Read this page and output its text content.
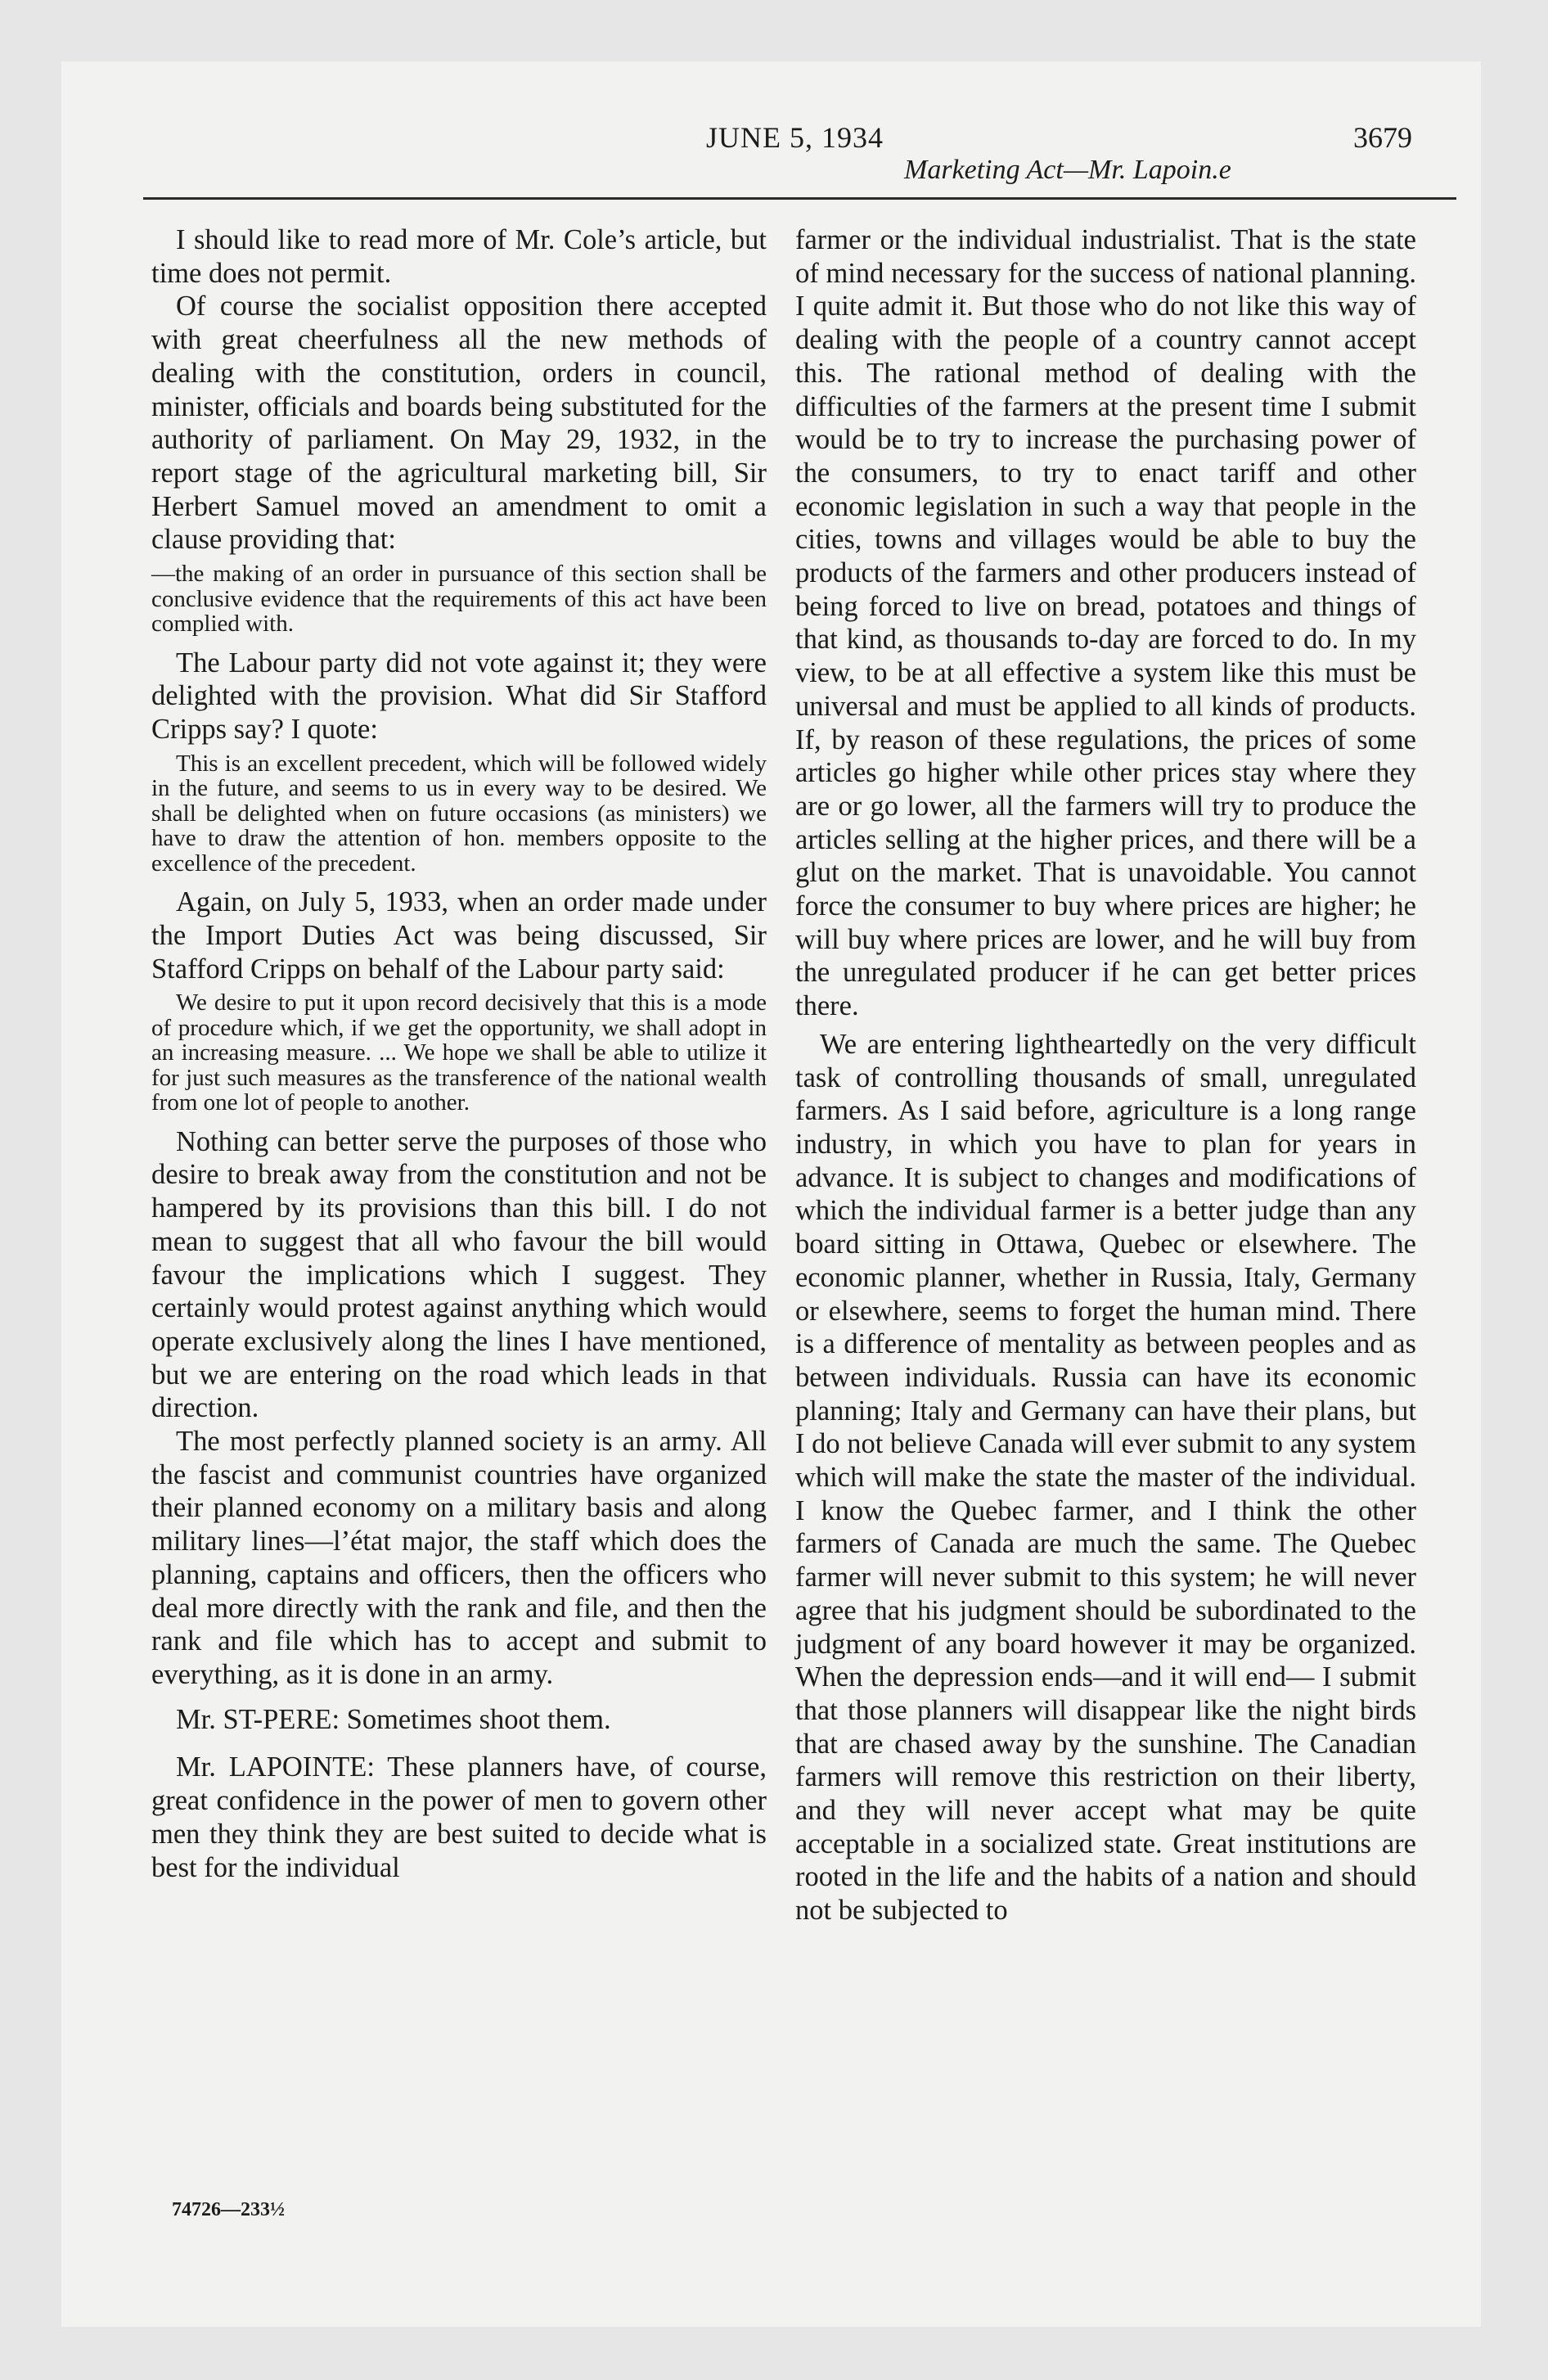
JUNE 5, 1934	3679
Marketing Act—Mr. Lapoin.e

I should like to read more of Mr. Cole’s article, but time does not permit.

Of course the socialist opposition there accepted with great cheerfulness all the new methods of dealing with the constitution, orders in council, minister, officials and boards being substituted for the authority of parliament. On May 29, 1932, in the report stage of the agricultural marketing bill, Sir Herbert Samuel moved an amendment to omit a clause providing that:

—the making of an order in pursuance of this section shall be conclusive evidence that the requirements of this act have been complied with.

The Labour party did not vote against it; they were delighted with the provision. What did Sir Stafford Cripps say? I quote:

This is an excellent precedent, which will be followed widely in the future, and seems to us in every way to be desired. We shall be delighted when on future occasions (as ministers) we have to draw the attention of hon. members opposite to the excellence of the precedent.

Again, on July 5, 1933, when an order made under the Import Duties Act was being discussed, Sir Stafford Cripps on behalf of the Labour party said:

We desire to put it upon record decisively that this is a mode of procedure which, if we get the opportunity, we shall adopt in an increasing measure. ... We hope we shall be able to utilize it for just such measures as the transference of the national wealth from one lot of people to another.

Nothing can better serve the purposes of those who desire to break away from the constitution and not be hampered by its provisions than this bill. I do not mean to suggest that all who favour the bill would favour the implications which I suggest. They certainly would protest against anything which would operate exclusively along the lines I have mentioned, but we are entering on the road which leads in that direction.

The most perfectly planned society is an army. All the fascist and communist countries have organized their planned economy on a military basis and along military lines—l’état major, the staff which does the planning, captains and officers, then the officers who deal more directly with the rank and file, and then the rank and file which has to accept and submit to everything, as it is done in an army.

Mr. ST-PERE: Sometimes shoot them.

Mr. LAPOINTE: These planners have, of course, great confidence in the power of men to govern other men they think they are best suited to decide what is best for the individual

farmer or the individual industrialist. That is the state of mind necessary for the success of national planning. I quite admit it. But those who do not like this way of dealing with the people of a country cannot accept this. The rational method of dealing with the difficulties of the farmers at the present time I submit would be to try to increase the purchasing power of the consumers, to try to enact tariff and other economic legislation in such a way that people in the cities, towns and villages would be able to buy the products of the farmers and other producers instead of being forced to live on bread, potatoes and things of that kind, as thousands to-day are forced to do. In my view, to be at all effective a system like this must be universal and must be applied to all kinds of products. If, by reason of these regulations, the prices of some articles go higher while other prices stay where they are or go lower, all the farmers will try to produce the articles selling at the higher prices, and there will be a glut on the market. That is unavoidable. You cannot force the consumer to buy where prices are higher; he will buy where prices are lower, and he will buy from the unregulated producer if he can get better prices there.

We are entering lightheartedly on the very difficult task of controlling thousands of small, unregulated farmers. As I said before, agriculture is a long range industry, in which you have to plan for years in advance. It is subject to changes and modifications of which the individual farmer is a better judge than any board sitting in Ottawa, Quebec or elsewhere. The economic planner, whether in Russia, Italy, Germany or elsewhere, seems to forget the human mind. There is a difference of mentality as between peoples and as between individuals. Russia can have its economic planning; Italy and Germany can have their plans, but I do not believe Canada will ever submit to any system which will make the state the master of the individual. I know the Quebec farmer, and I think the other farmers of Canada are much the same. The Quebec farmer will never submit to this system; he will never agree that his judgment should be subordinated to the judgment of any board however it may be organized. When the depression ends—and it will end— I submit that those planners will disappear like the night birds that are chased away by the sunshine. The Canadian farmers will remove this restriction on their liberty, and they will never accept what may be quite acceptable in a socialized state. Great institutions are rooted in the life and the habits of a nation and should not be subjected to

74726—233½
